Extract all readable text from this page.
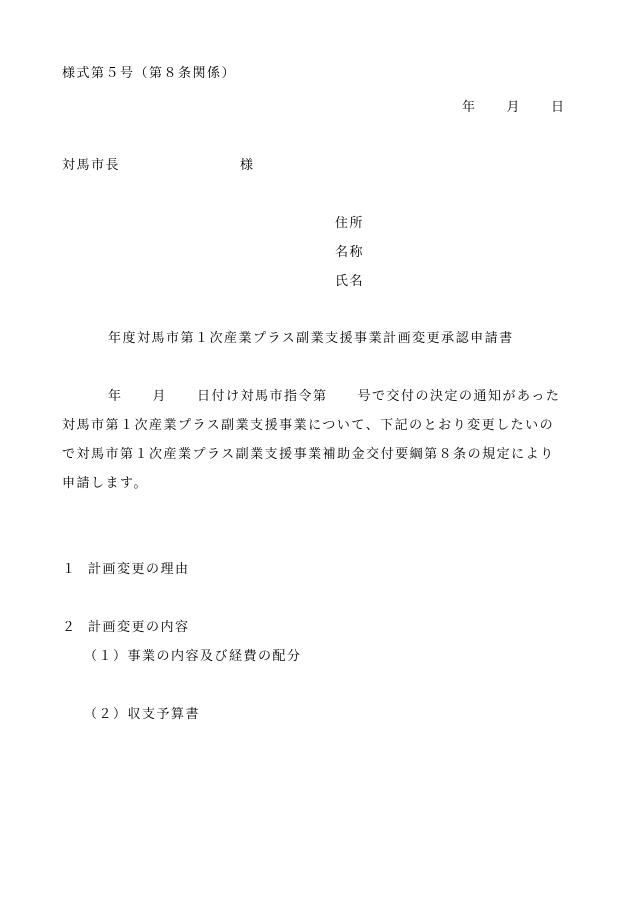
様式第５号（第８条関係）
年 月 日
対馬市長	様
住所
名称
氏名
年度対馬市第１次産業プラス副業支援事業計画変更承認申請書
年 月 日付け対馬市指令第 号で交付の決定の通知があった
対馬市第１次産業プラス副業支援事業について、下記のとおり変更したいの
で対馬市第１次産業プラス副業支援事業補助金交付要綱第８条の規定により
申請します。
１ 計画変更の理由
２ 計画変更の内容
（１）事業の内容及び経費の配分
（２）収支予算書
